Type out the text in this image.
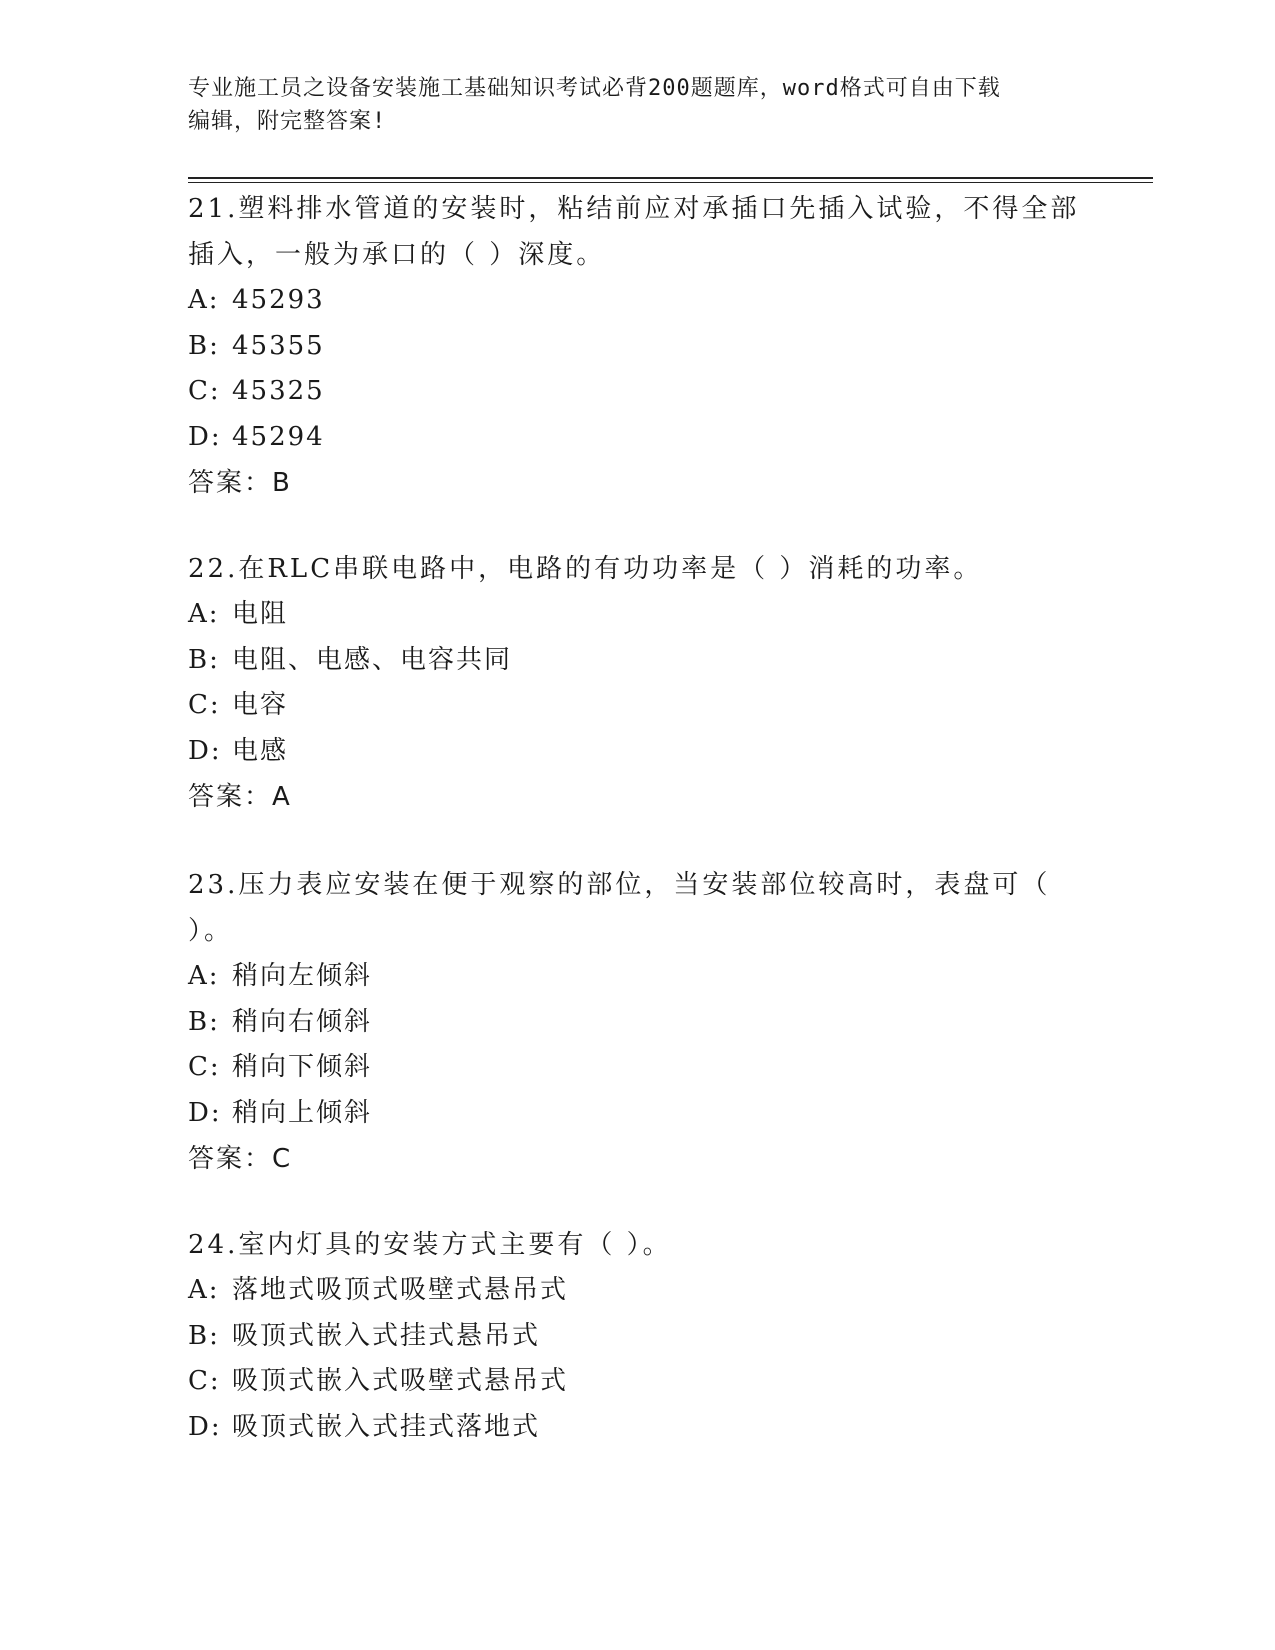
专业施工员之设备安装施工基础知识考试必背200题题库，word格式可自由下载
编辑，附完整答案!
21.塑料排水管道的安装时，粘结前应对承插口先插入试验，不得全部
插入，一般为承口的（ ）深度。
A: 45293
B: 45355
C: 45325
D: 45294
答案：B
22.在RLC串联电路中，电路的有功功率是（ ）消耗的功率。
A: 电阻
B: 电阻、电感、电容共同
C: 电容
D: 电感
答案：A
23.压力表应安装在便于观察的部位，当安装部位较高时，表盘可（
）。
A: 稍向左倾斜
B: 稍向右倾斜
C: 稍向下倾斜
D: 稍向上倾斜
答案：C
24.室内灯具的安装方式主要有（ ）。
A: 落地式吸顶式吸壁式悬吊式
B: 吸顶式嵌入式挂式悬吊式
C: 吸顶式嵌入式吸壁式悬吊式
D: 吸顶式嵌入式挂式落地式
